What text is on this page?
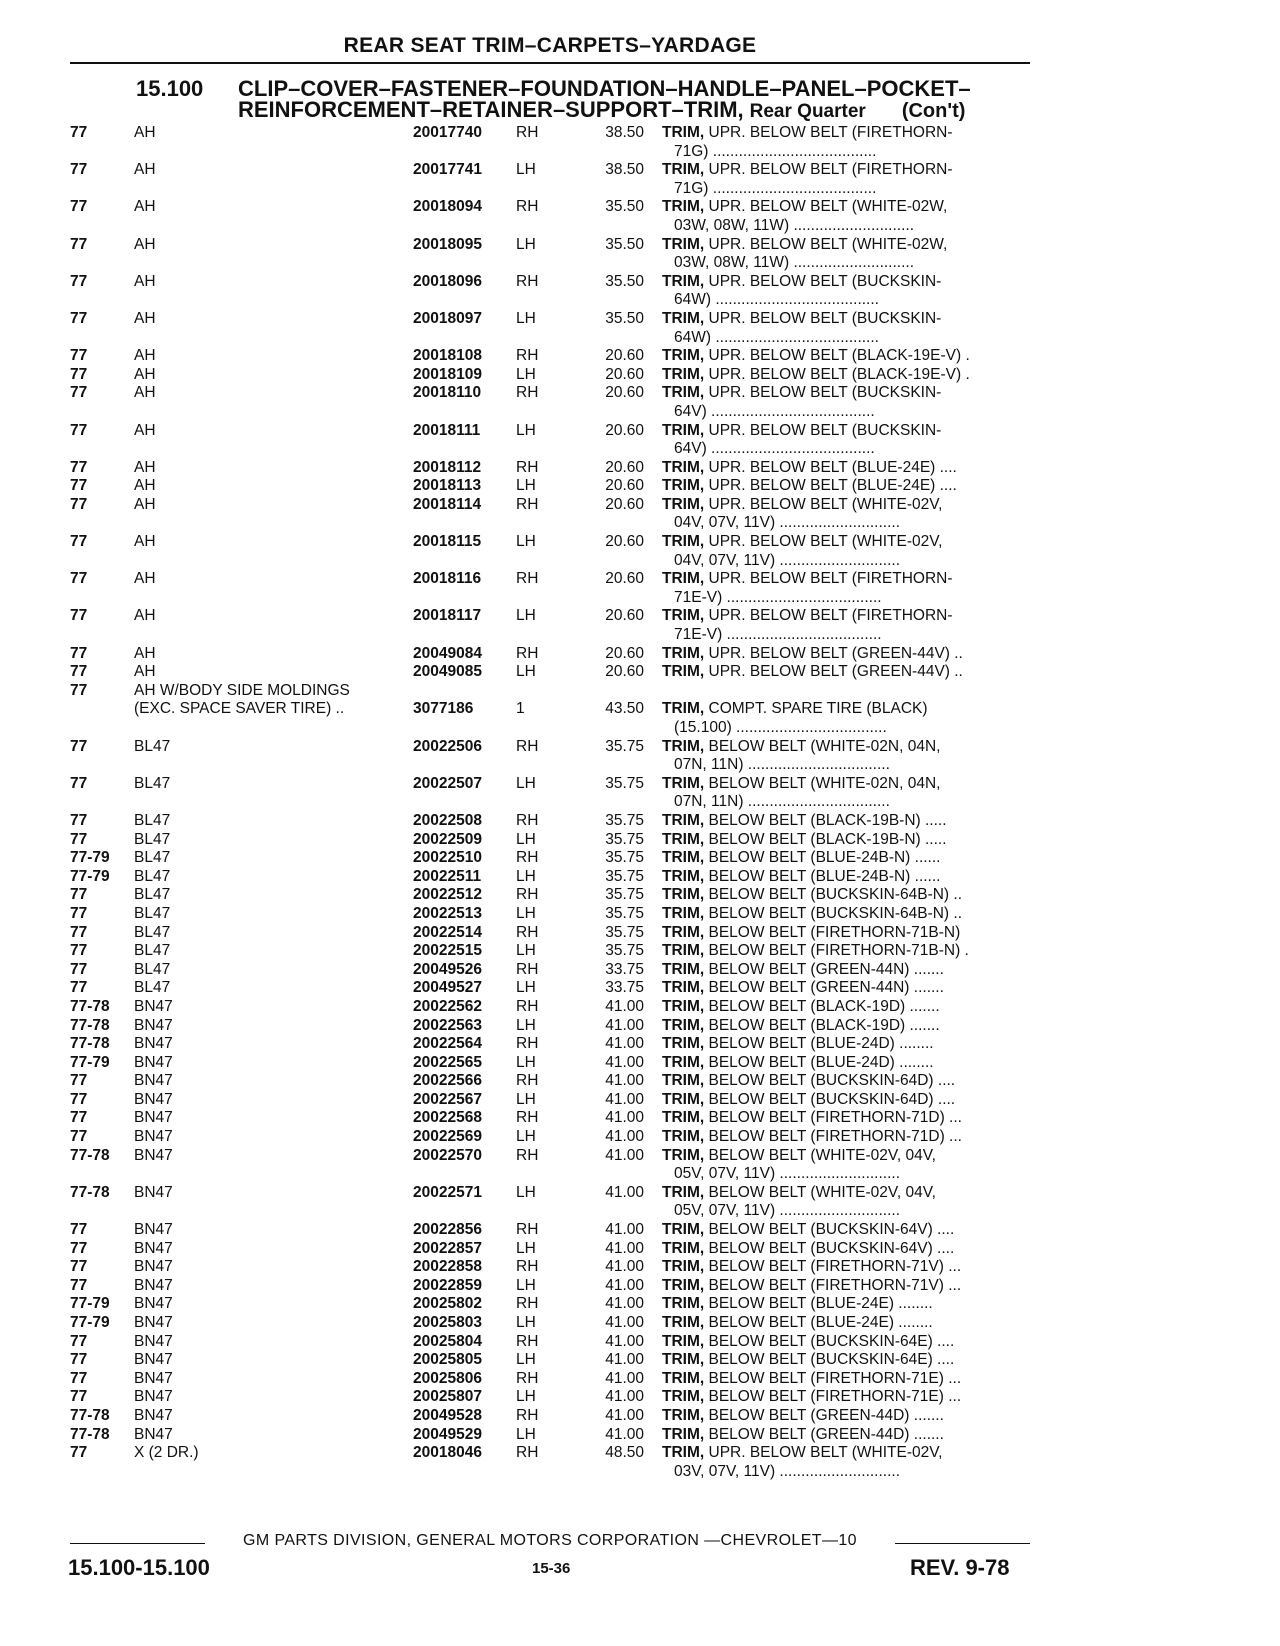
REAR SEAT TRIM–CARPETS–YARDAGE
15.100 CLIP–COVER–FASTENER–FOUNDATION–HANDLE–PANEL–POCKET–
REINFORCEMENT–RETAINER–SUPPORT–TRIM, Rear Quarter (Con't)
77	AH	20017740 RH	38.50 TRIM, UPR. BELOW BELT (FIRETHORN-
71G) ......................................
77	AH	20017741 LH	38.50 TRIM, UPR. BELOW BELT (FIRETHORN-
71G) ......................................
77	AH	20018094 RH	35.50 TRIM, UPR. BELOW BELT (WHITE-02W,
03W, 08W, 11W) ............................
77	AH	20018095 LH	35.50 TRIM, UPR. BELOW BELT (WHITE-02W,
03W, 08W, 11W) ............................
77	AH	20018096 RH	35.50 TRIM, UPR. BELOW BELT (BUCKSKIN-
64W) ......................................
77	AH	20018097 LH	35.50 TRIM, UPR. BELOW BELT (BUCKSKIN-
64W) ......................................
77	AH	20018108 RH	20.60 TRIM, UPR. BELOW BELT (BLACK-19E-V) .
77	AH	20018109 LH	20.60 TRIM, UPR. BELOW BELT (BLACK-19E-V) .
77	AH	20018110 RH	20.60 TRIM, UPR. BELOW BELT (BUCKSKIN-
64V) ......................................
77	AH	20018111 LH	20.60 TRIM, UPR. BELOW BELT (BUCKSKIN-
64V) ......................................
77	AH	20018112 RH	20.60 TRIM, UPR. BELOW BELT (BLUE-24E) ....
77	AH	20018113 LH	20.60 TRIM, UPR. BELOW BELT (BLUE-24E) ....
77	AH	20018114 RH	20.60 TRIM, UPR. BELOW BELT (WHITE-02V,
04V, 07V, 11V) ............................
77	AH	20018115 LH	20.60 TRIM, UPR. BELOW BELT (WHITE-02V,
04V, 07V, 11V) ............................
77	AH	20018116 RH	20.60 TRIM, UPR. BELOW BELT (FIRETHORN-
71E-V) ....................................
77	AH	20018117 LH	20.60 TRIM, UPR. BELOW BELT (FIRETHORN-
71E-V) ....................................
77	AH	20049084 RH	20.60 TRIM, UPR. BELOW BELT (GREEN-44V) ..
77	AH	20049085 LH	20.60 TRIM, UPR. BELOW BELT (GREEN-44V) ..
77	AH W/BODY SIDE MOLDINGS
(EXC. SPACE SAVER TIRE) ..	3077186	1	43.50 TRIM, COMPT. SPARE TIRE (BLACK)
(15.100) ...................................
77	BL47	20022506 RH	35.75 TRIM, BELOW BELT (WHITE-02N, 04N,
07N, 11N) .................................
77	BL47	20022507 LH	35.75 TRIM, BELOW BELT (WHITE-02N, 04N,
07N, 11N) .................................
77	BL47	20022508 RH	35.75 TRIM, BELOW BELT (BLACK-19B-N) .....
77	BL47	20022509 LH	35.75 TRIM, BELOW BELT (BLACK-19B-N) .....
77-79 BL47	20022510 RH	35.75 TRIM, BELOW BELT (BLUE-24B-N) ......
77-79 BL47	20022511 LH	35.75 TRIM, BELOW BELT (BLUE-24B-N) ......
77	BL47	20022512 RH	35.75 TRIM, BELOW BELT (BUCKSKIN-64B-N) ..
77	BL47	20022513 LH	35.75 TRIM, BELOW BELT (BUCKSKIN-64B-N) ..
77	BL47	20022514 RH	35.75 TRIM, BELOW BELT (FIRETHORN-71B-N)
77	BL47	20022515 LH	35.75 TRIM, BELOW BELT (FIRETHORN-71B-N) .
77	BL47	20049526 RH	33.75 TRIM, BELOW BELT (GREEN-44N) .......
77	BL47	20049527 LH	33.75 TRIM, BELOW BELT (GREEN-44N) .......
77-78 BN47	20022562 RH	41.00 TRIM, BELOW BELT (BLACK-19D) .......
77-78 BN47	20022563 LH	41.00 TRIM, BELOW BELT (BLACK-19D) .......
77-78 BN47	20022564 RH	41.00 TRIM, BELOW BELT (BLUE-24D) ........
77-79 BN47	20022565 LH	41.00 TRIM, BELOW BELT (BLUE-24D) ........
77	BN47	20022566 RH	41.00 TRIM, BELOW BELT (BUCKSKIN-64D) ....
77	BN47	20022567 LH	41.00 TRIM, BELOW BELT (BUCKSKIN-64D) ....
77	BN47	20022568 RH	41.00 TRIM, BELOW BELT (FIRETHORN-71D) ...
77	BN47	20022569 LH	41.00 TRIM, BELOW BELT (FIRETHORN-71D) ...
77-78 BN47	20022570 RH	41.00 TRIM, BELOW BELT (WHITE-02V, 04V,
05V, 07V, 11V) ............................
77-78 BN47	20022571 LH	41.00 TRIM, BELOW BELT (WHITE-02V, 04V,
05V, 07V, 11V) ............................
77	BN47	20022856 RH	41.00 TRIM, BELOW BELT (BUCKSKIN-64V) ....
77	BN47	20022857 LH	41.00 TRIM, BELOW BELT (BUCKSKIN-64V) ....
77	BN47	20022858 RH	41.00 TRIM, BELOW BELT (FIRETHORN-71V) ...
77	BN47	20022859 LH	41.00 TRIM, BELOW BELT (FIRETHORN-71V) ...
77-79 BN47	20025802 RH	41.00 TRIM, BELOW BELT (BLUE-24E) ........
77-79 BN47	20025803 LH	41.00 TRIM, BELOW BELT (BLUE-24E) ........
77	BN47	20025804 RH	41.00 TRIM, BELOW BELT (BUCKSKIN-64E) ....
77	BN47	20025805 LH	41.00 TRIM, BELOW BELT (BUCKSKIN-64E) ....
77	BN47	20025806 RH	41.00 TRIM, BELOW BELT (FIRETHORN-71E) ...
77	BN47	20025807 LH	41.00 TRIM, BELOW BELT (FIRETHORN-71E) ...
77-78 BN47	20049528 RH	41.00 TRIM, BELOW BELT (GREEN-44D) .......
77-78 BN47	20049529 LH	41.00 TRIM, BELOW BELT (GREEN-44D) .......
77	X (2 DR.)	20018046 RH	48.50 TRIM, UPR. BELOW BELT (WHITE-02V,
03V, 07V, 11V) ............................
GM PARTS DIVISION, GENERAL MOTORS CORPORATION —CHEVROLET—10
15.100-15.100	15-36	REV. 9-78
